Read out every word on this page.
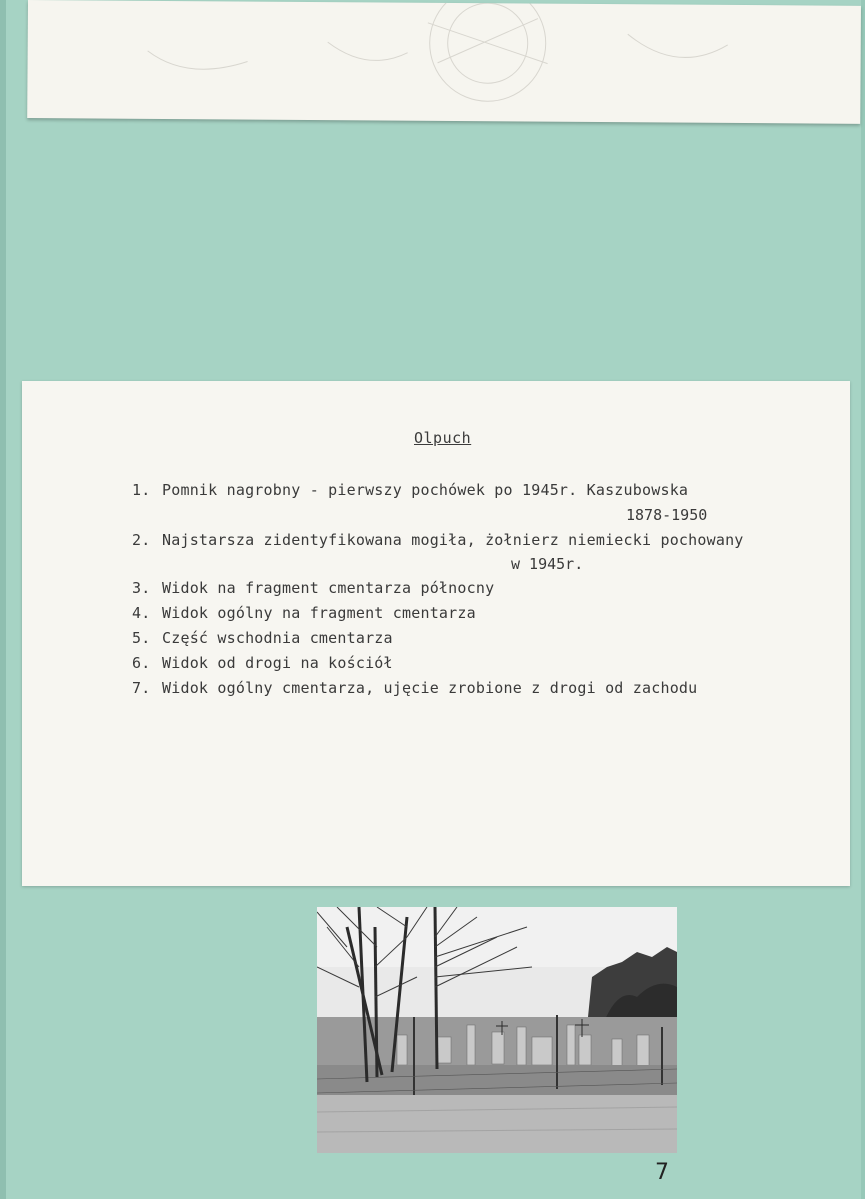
Olpuch
1. Pomnik nagrobny - pierwszy pochówek po 1945r. Kaszubowska
1878-1950
2. Najstarsza zidentyfikowana mogiła, żołnierz niemiecki pochowany
w 1945r.
3. Widok na fragment cmentarza północny
4. Widok ogólny na fragment cmentarza
5. Część wschodnia cmentarza
6. Widok od drogi na kościół
7. Widok ogólny cmentarza, ujęcie zrobione z drogi od zachodu
7
